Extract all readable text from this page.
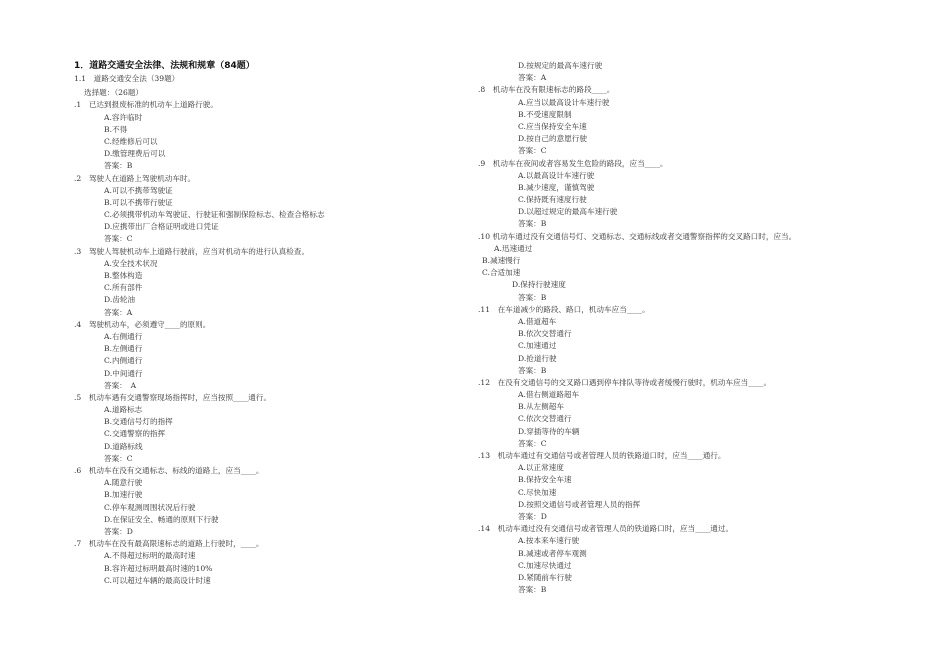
1．道路交通安全法律、法规和规章（84题）
1.1　道路交通安全法（39题）
选择题：（26题）
.1　已达到报废标准的机动车上道路行驶。
A.容许临时
B.不得
C.经维修后可以
D.缴管理费后可以
答案：B
.2　驾驶人在道路上驾驶机动车时。
A.可以不携带驾驶证
B.可以不携带行驶证
C.必须携带机动车驾驶证、行驶证和强制保险标志、检查合格标志
D.应携带出厂合格证明或进口凭证
答案：C
.3　驾驶人驾驶机动车上道路行驶前，应当对机动车的进行认真检查。
A.安全技术状况
B.整体构造
C.所有部件
D.齿轮油
答案：A
.4　驾驶机动车，必须遵守____的原则。
A.右侧通行
B.左侧通行
C.内侧通行
D.中间通行
答案：　A
.5　机动车遇有交通警察现场指挥时，应当按照____通行。
A.道路标志
B.交通信号灯的指挥
C.交通警察的指挥
D.道路标线
答案：C
.6　机动车在没有交通标志、标线的道路上，应当____。
A.随意行驶
B.加速行驶
C.停车观测周围状况后行驶
D.在保证安全、畅通的原则下行驶
答案：D
.7　机动车在没有最高限速标志的道路上行驶时，____。
A.不得超过标明的最高时速
B.容许超过标明最高时速的10%
C.可以超过车辆的最高设计时速
D.按规定的最高车速行驶
答案：A
.8　机动车在没有限速标志的路段____。
A.应当以最高设计车速行驶
B.不受速度限制
C.应当保持安全车速
D.按自己的意愿行驶
答案：C
.9　机动车在夜间或者容易发生危险的路段，应当____。
A.以最高设计车速行驶
B.减少速度，谨慎驾驶
C.保持既有速度行驶
D.以超过规定的最高车速行驶
答案：B
.10 机动车通过没有交通信号灯、交通标志、交通标线或者交通警察指挥的交叉路口时，应当。
A.迅速通过
B.减速慢行
C.合适加速
D.保持行驶速度
答案：B
.11　在车道减少的路段、路口，机动车应当____。
A.借道超车
B.依次交替通行
C.加速通过
D.抢道行驶
答案：B
.12　在没有交通信号的交叉路口遇到停车排队等待或者缓慢行驶时，机动车应当____。
A.借右侧道路超车
B.从左侧超车
C.依次交替通行
D.穿插等待的车辆
答案：C
.13　机动车通过有交通信号或者管理人员的铁路道口时，应当____通行。
A.以正常速度
B.保持安全车速
C.尽快加速
D.按照交通信号或者管理人员的指挥
答案：D
.14　机动车通过没有交通信号或者管理人员的铁道路口时，应当____通过。
A.按本来车速行驶
B.减速或者停车观测
C.加速尽快通过
D.紧随前车行驶
答案：B
